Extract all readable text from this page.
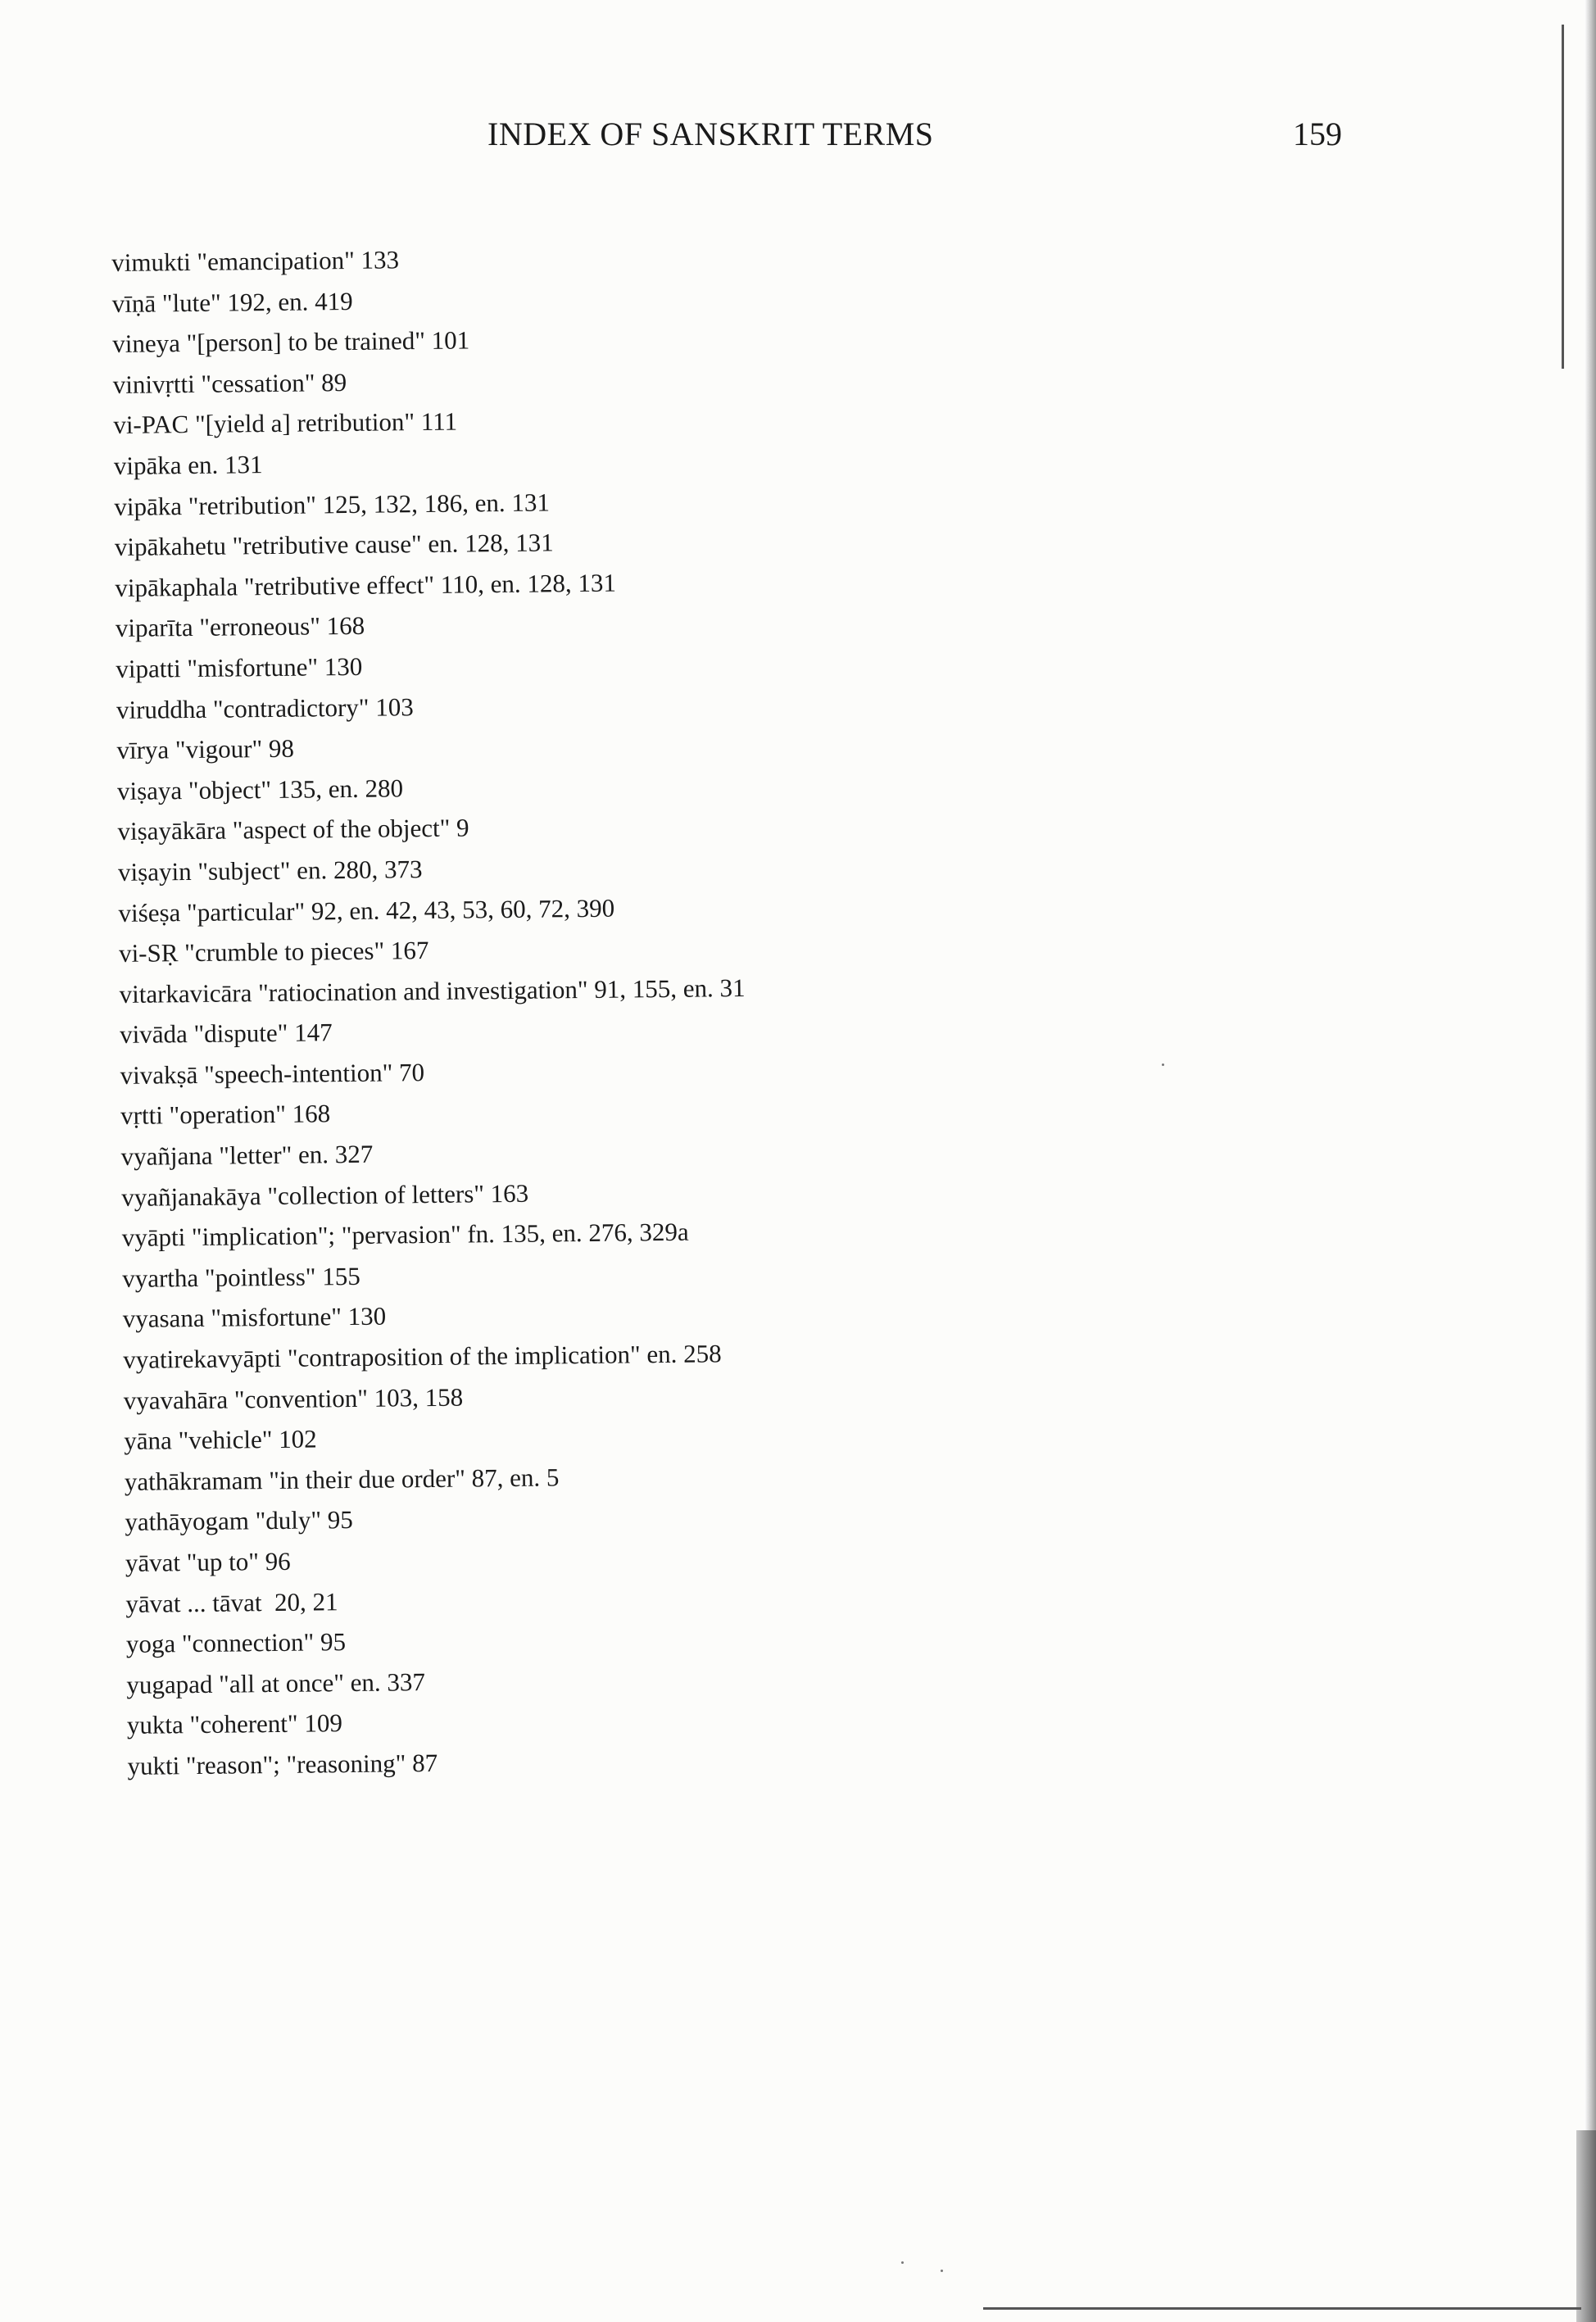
INDEX OF SANSKRIT TERMS	159
vimukti "emancipation" 133
vīṇā "lute" 192, en. 419
vineya "[person] to be trained" 101
vinivṛtti "cessation" 89
vi-PAC "[yield a] retribution" 111
vipāka en. 131
vipāka "retribution" 125, 132, 186, en. 131
vipākahetu "retributive cause" en. 128, 131
vipākaphala "retributive effect" 110, en. 128, 131
viparīta "erroneous" 168
vipatti "misfortune" 130
viruddha "contradictory" 103
vīrya "vigour" 98
viṣaya "object" 135, en. 280
viṣayākāra "aspect of the object" 9
viṣayin "subject" en. 280, 373
viśeṣa "particular" 92, en. 42, 43, 53, 60, 72, 390
vi-SṚ "crumble to pieces" 167
vitarkavicāra "ratiocination and investigation" 91, 155, en. 31
vivāda "dispute" 147
vivakṣā "speech-intention" 70
vṛtti "operation" 168
vyañjana "letter" en. 327
vyañjanakāya "collection of letters" 163
vyāpti "implication"; "pervasion" fn. 135, en. 276, 329a
vyartha "pointless" 155
vyasana "misfortune" 130
vyatirekavyāpti "contraposition of the implication" en. 258
vyavahāra "convention" 103, 158
yāna "vehicle" 102
yathākramam "in their due order" 87, en. 5
yathāyogam "duly" 95
yāvat "up to" 96
yāvat ... tāvat  20, 21
yoga "connection" 95
yugapad "all at once" en. 337
yukta "coherent" 109
yukti "reason"; "reasoning" 87
